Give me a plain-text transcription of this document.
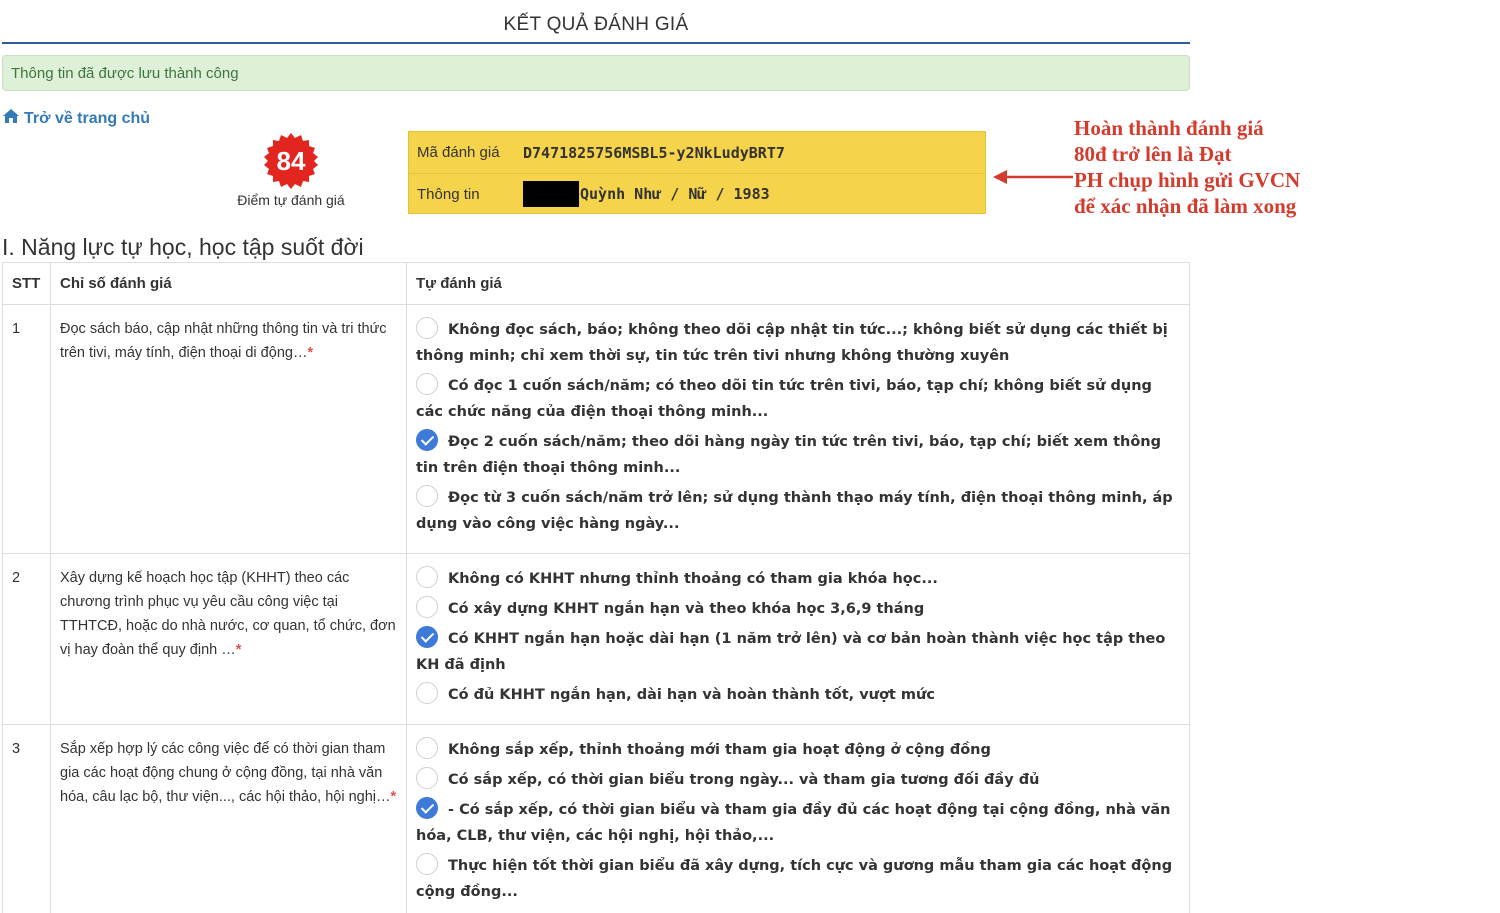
KẾT QUẢ ĐÁNH GIÁ
Thông tin đã được lưu thành công
Trở về trang chủ
84
Điểm tự đánh giá
Mã đánh giá	D7471825756MSBL5-y2NkLudyBRT7
Thông tin	Quỳnh Như / Nữ / 1983
Hoàn thành đánh giá
80đ trở lên là Đạt
PH chụp hình gửi GVCN
để xác nhận đã làm xong
I. Năng lực tự học, học tập suốt đời
STT	Chỉ số đánh giá	Tự đánh giá
1	Đọc sách báo, cập nhật những thông tin và tri thức trên tivi, máy tính, điện thoại di động…*	Không đọc sách, báo; không theo dõi cập nhật tin tức...; không biết sử dụng các thiết bị thông minh; chỉ xem thời sự, tin tức trên tivi nhưng không thường xuyên
Có đọc 1 cuốn sách/năm; có theo dõi tin tức trên tivi, báo, tạp chí; không biết sử dụng các chức năng của điện thoại thông minh...
Đọc 2 cuốn sách/năm; theo dõi hàng ngày tin tức trên tivi, báo, tạp chí; biết xem thông tin trên điện thoại thông minh...
Đọc từ 3 cuốn sách/năm trở lên; sử dụng thành thạo máy tính, điện thoại thông minh, áp dụng vào công việc hàng ngày...

2	Xây dựng kế hoạch học tập (KHHT) theo các chương trình phục vụ yêu cầu công việc tại TTHTCĐ, hoặc do nhà nước, cơ quan, tổ chức, đơn vị hay đoàn thể quy định …*	Không có KHHT nhưng thỉnh thoảng có tham gia khóa học...
Có xây dựng KHHT ngắn hạn và theo khóa học 3,6,9 tháng
Có KHHT ngắn hạn hoặc dài hạn (1 năm trở lên) và cơ bản hoàn thành việc học tập theo KH đã định
Có đủ KHHT ngắn hạn, dài hạn và hoàn thành tốt, vượt mức

3	Sắp xếp hợp lý các công việc để có thời gian tham gia các hoạt động chung ở cộng đồng, tại nhà văn hóa, câu lạc bộ, thư viện..., các hội thảo, hội nghị…*	Không sắp xếp, thỉnh thoảng mới tham gia hoạt động ở cộng đồng
Có sắp xếp, có thời gian biểu trong ngày... và tham gia tương đối đầy đủ
- Có sắp xếp, có thời gian biểu và tham gia đầy đủ các hoạt động tại cộng đồng, nhà văn hóa, CLB, thư viện, các hội nghị, hội thảo,...
Thực hiện tốt thời gian biểu đã xây dựng, tích cực và gương mẫu tham gia các hoạt động cộng đồng...
